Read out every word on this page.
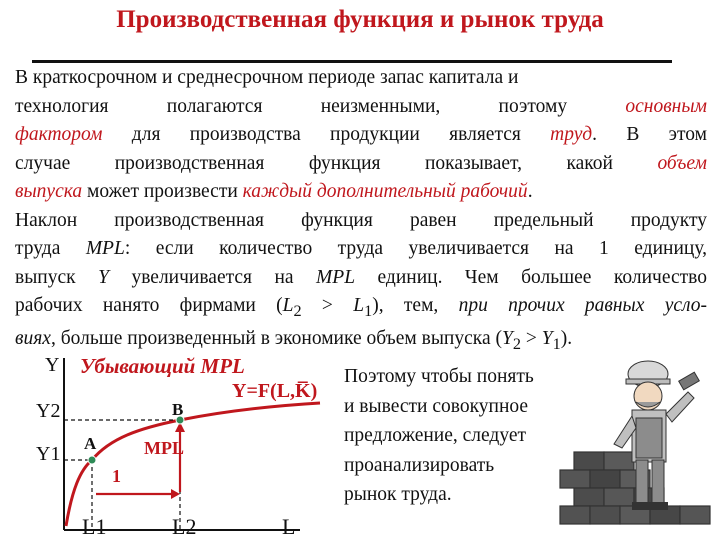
Производственная функция и рынок труда
В краткосрочном и среднесрочном периоде запас капитала и
технология полагаются неизменными, поэтому основным
фактором для производства продукции является труд. В этом
случае производственная функция показывает, какой объем
выпуска может произвести каждый дополнительный рабочий.
Наклон производственная функция равен предельный продукту
труда MPL: если количество труда увеличивается на 1 единицу,
выпуск Y увеличивается на MPL единиц. Чем большее количество
рабочих нанято фирмами $(L_2 > L_1)$, тем, при прочих равных усло-
виях, больше произведенный в экономике объем выпуска $(Y_2 > Y_1)$.
Y Убывающий MPL
Y=F(L,K̅)
Y2
Y1 A
B
MPL
1
L1	L2	L
Поэтому чтобы понять
и вывести совокупное
предложение, следует
проанализировать
рынок труда.
